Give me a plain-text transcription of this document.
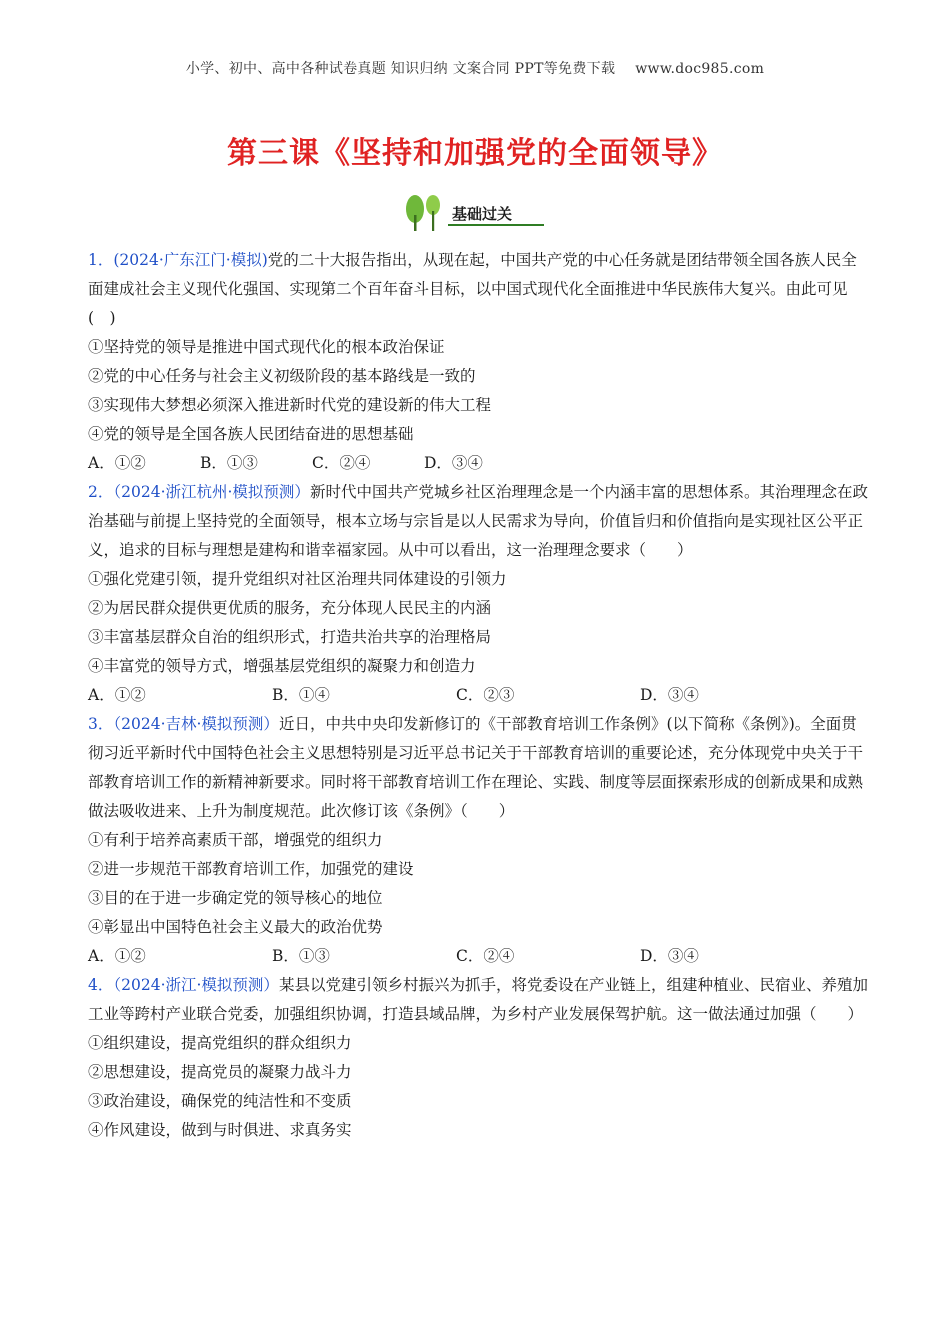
小学、初中、高中各种试卷真题 知识归纳 文案合同 PPT等免费下载 www.doc985.com
第三课《坚持和加强党的全面领导》
基础过关

1．(2024·广东江门·模拟)党的二十大报告指出，从现在起，中国共产党的中心任务就是团结带领全国各族人民全面建成社会主义现代化强国、实现第二个百年奋斗目标，以中国式现代化全面推进中华民族伟大复兴。由此可见(　)

①坚持党的领导是推进中国式现代化的根本政治保证

②党的中心任务与社会主义初级阶段的基本路线是一致的

③实现伟大梦想必须深入推进新时代党的建设新的伟大工程

④党的领导是全国各族人民团结奋进的思想基础

A．①②	B．①③	C．②④	D．③④

2．（2024·浙江杭州·模拟预测）新时代中国共产党城乡社区治理理念是一个内涵丰富的思想体系。其治理理念在政治基础与前提上坚持党的全面领导，根本立场与宗旨是以人民需求为导向，价值旨归和价值指向是实现社区公平正义，追求的目标与理想是建构和谐幸福家园。从中可以看出，这一治理理念要求（　　）

①强化党建引领，提升党组织对社区治理共同体建设的引领力

②为居民群众提供更优质的服务，充分体现人民民主的内涵

③丰富基层群众自治的组织形式，打造共治共享的治理格局

④丰富党的领导方式，增强基层党组织的凝聚力和创造力

A．①②	B．①④	C．②③	D．③④

3．（2024·吉林·模拟预测）近日，中共中央印发新修订的《干部教育培训工作条例》(以下简称《条例》)。全面贯彻习近平新时代中国特色社会主义思想特别是习近平总书记关于干部教育培训的重要论述，充分体现党中央关于干部教育培训工作的新精神新要求。同时将干部教育培训工作在理论、实践、制度等层面探索形成的创新成果和成熟做法吸收进来、上升为制度规范。此次修订该《条例》（　　）

①有利于培养高素质干部，增强党的组织力

②进一步规范干部教育培训工作，加强党的建设

③目的在于进一步确定党的领导核心的地位

④彰显出中国特色社会主义最大的政治优势

A．①②	B．①③	C．②④	D．③④

4．（2024·浙江·模拟预测）某县以党建引领乡村振兴为抓手，将党委设在产业链上，组建种植业、民宿业、养殖加工业等跨村产业联合党委，加强组织协调，打造县域品牌，为乡村产业发展保驾护航。这一做法通过加强（　　）

①组织建设，提高党组织的群众组织力

②思想建设，提高党员的凝聚力战斗力

③政治建设，确保党的纯洁性和不变质

④作风建设，做到与时俱进、求真务实
